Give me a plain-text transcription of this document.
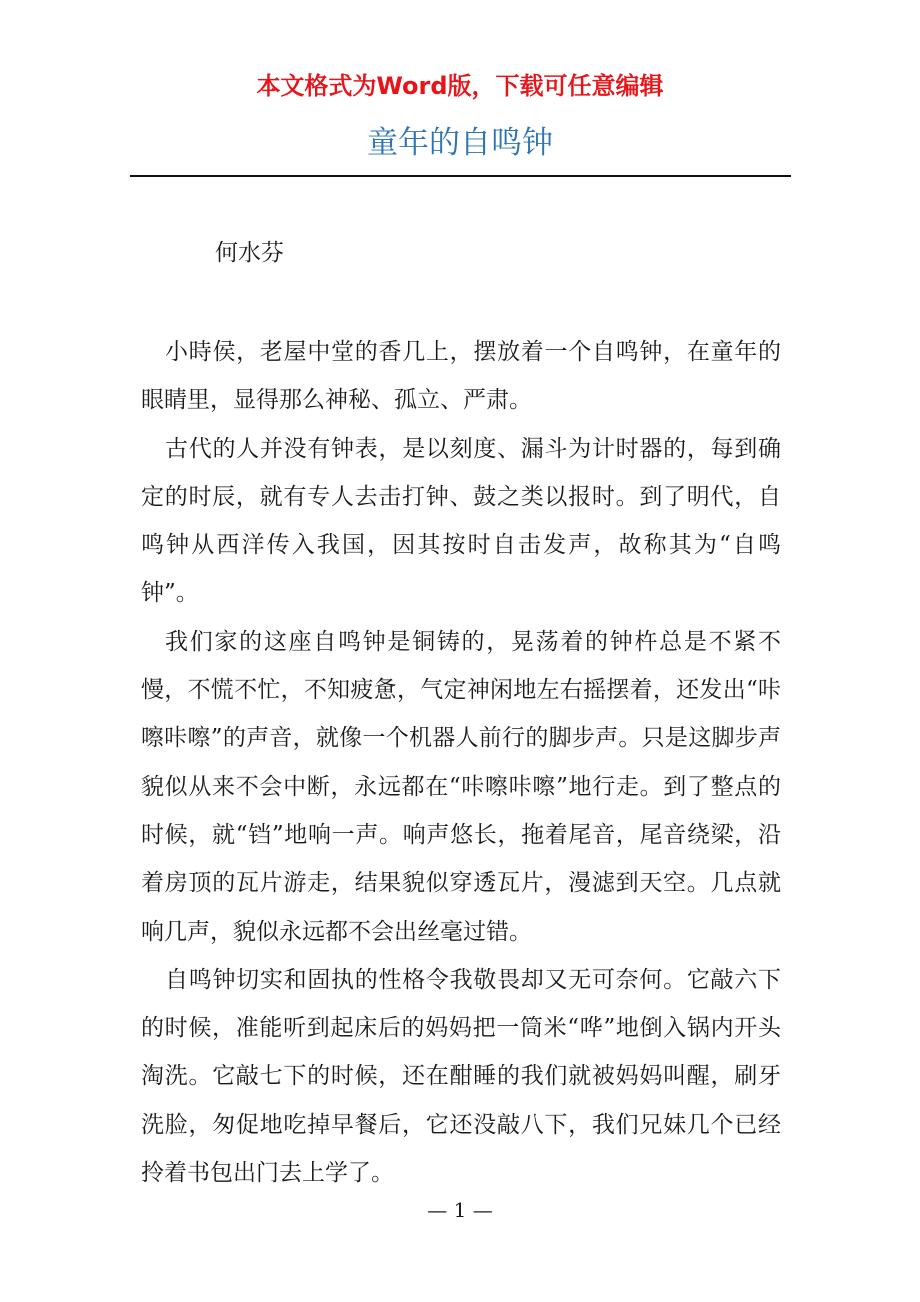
本文格式为Word版，下载可任意编辑
童年的自鸣钟
何水芬

小時侯，老屋中堂的香几上，摆放着一个自鸣钟，在童年的眼睛里，显得那么神秘、孤立、严肃。

古代的人并没有钟表，是以刻度、漏斗为计时器的，每到确定的时辰，就有专人去击打钟、鼓之类以报时。到了明代，自鸣钟从西洋传入我国，因其按时自击发声，故称其为“自鸣钟”。

我们家的这座自鸣钟是铜铸的，晃荡着的钟杵总是不紧不慢，不慌不忙，不知疲惫，气定神闲地左右摇摆着，还发出“咔嚓咔嚓”的声音，就像一个机器人前行的脚步声。只是这脚步声貌似从来不会中断，永远都在“咔嚓咔嚓”地行走。到了整点的时候，就“铛”地响一声。响声悠长，拖着尾音，尾音绕梁，沿着房顶的瓦片游走，结果貌似穿透瓦片，漫滤到天空。几点就响几声，貌似永远都不会出丝毫过错。

自鸣钟切实和固执的性格令我敬畏却又无可奈何。它敲六下的时候，准能听到起床后的妈妈把一筒米“哗”地倒入锅内开头淘洗。它敲七下的时候，还在酣睡的我们就被妈妈叫醒，刷牙洗脸，匆促地吃掉早餐后，它还没敲八下，我们兄妹几个已经拎着书包出门去上学了。

— 1 —
